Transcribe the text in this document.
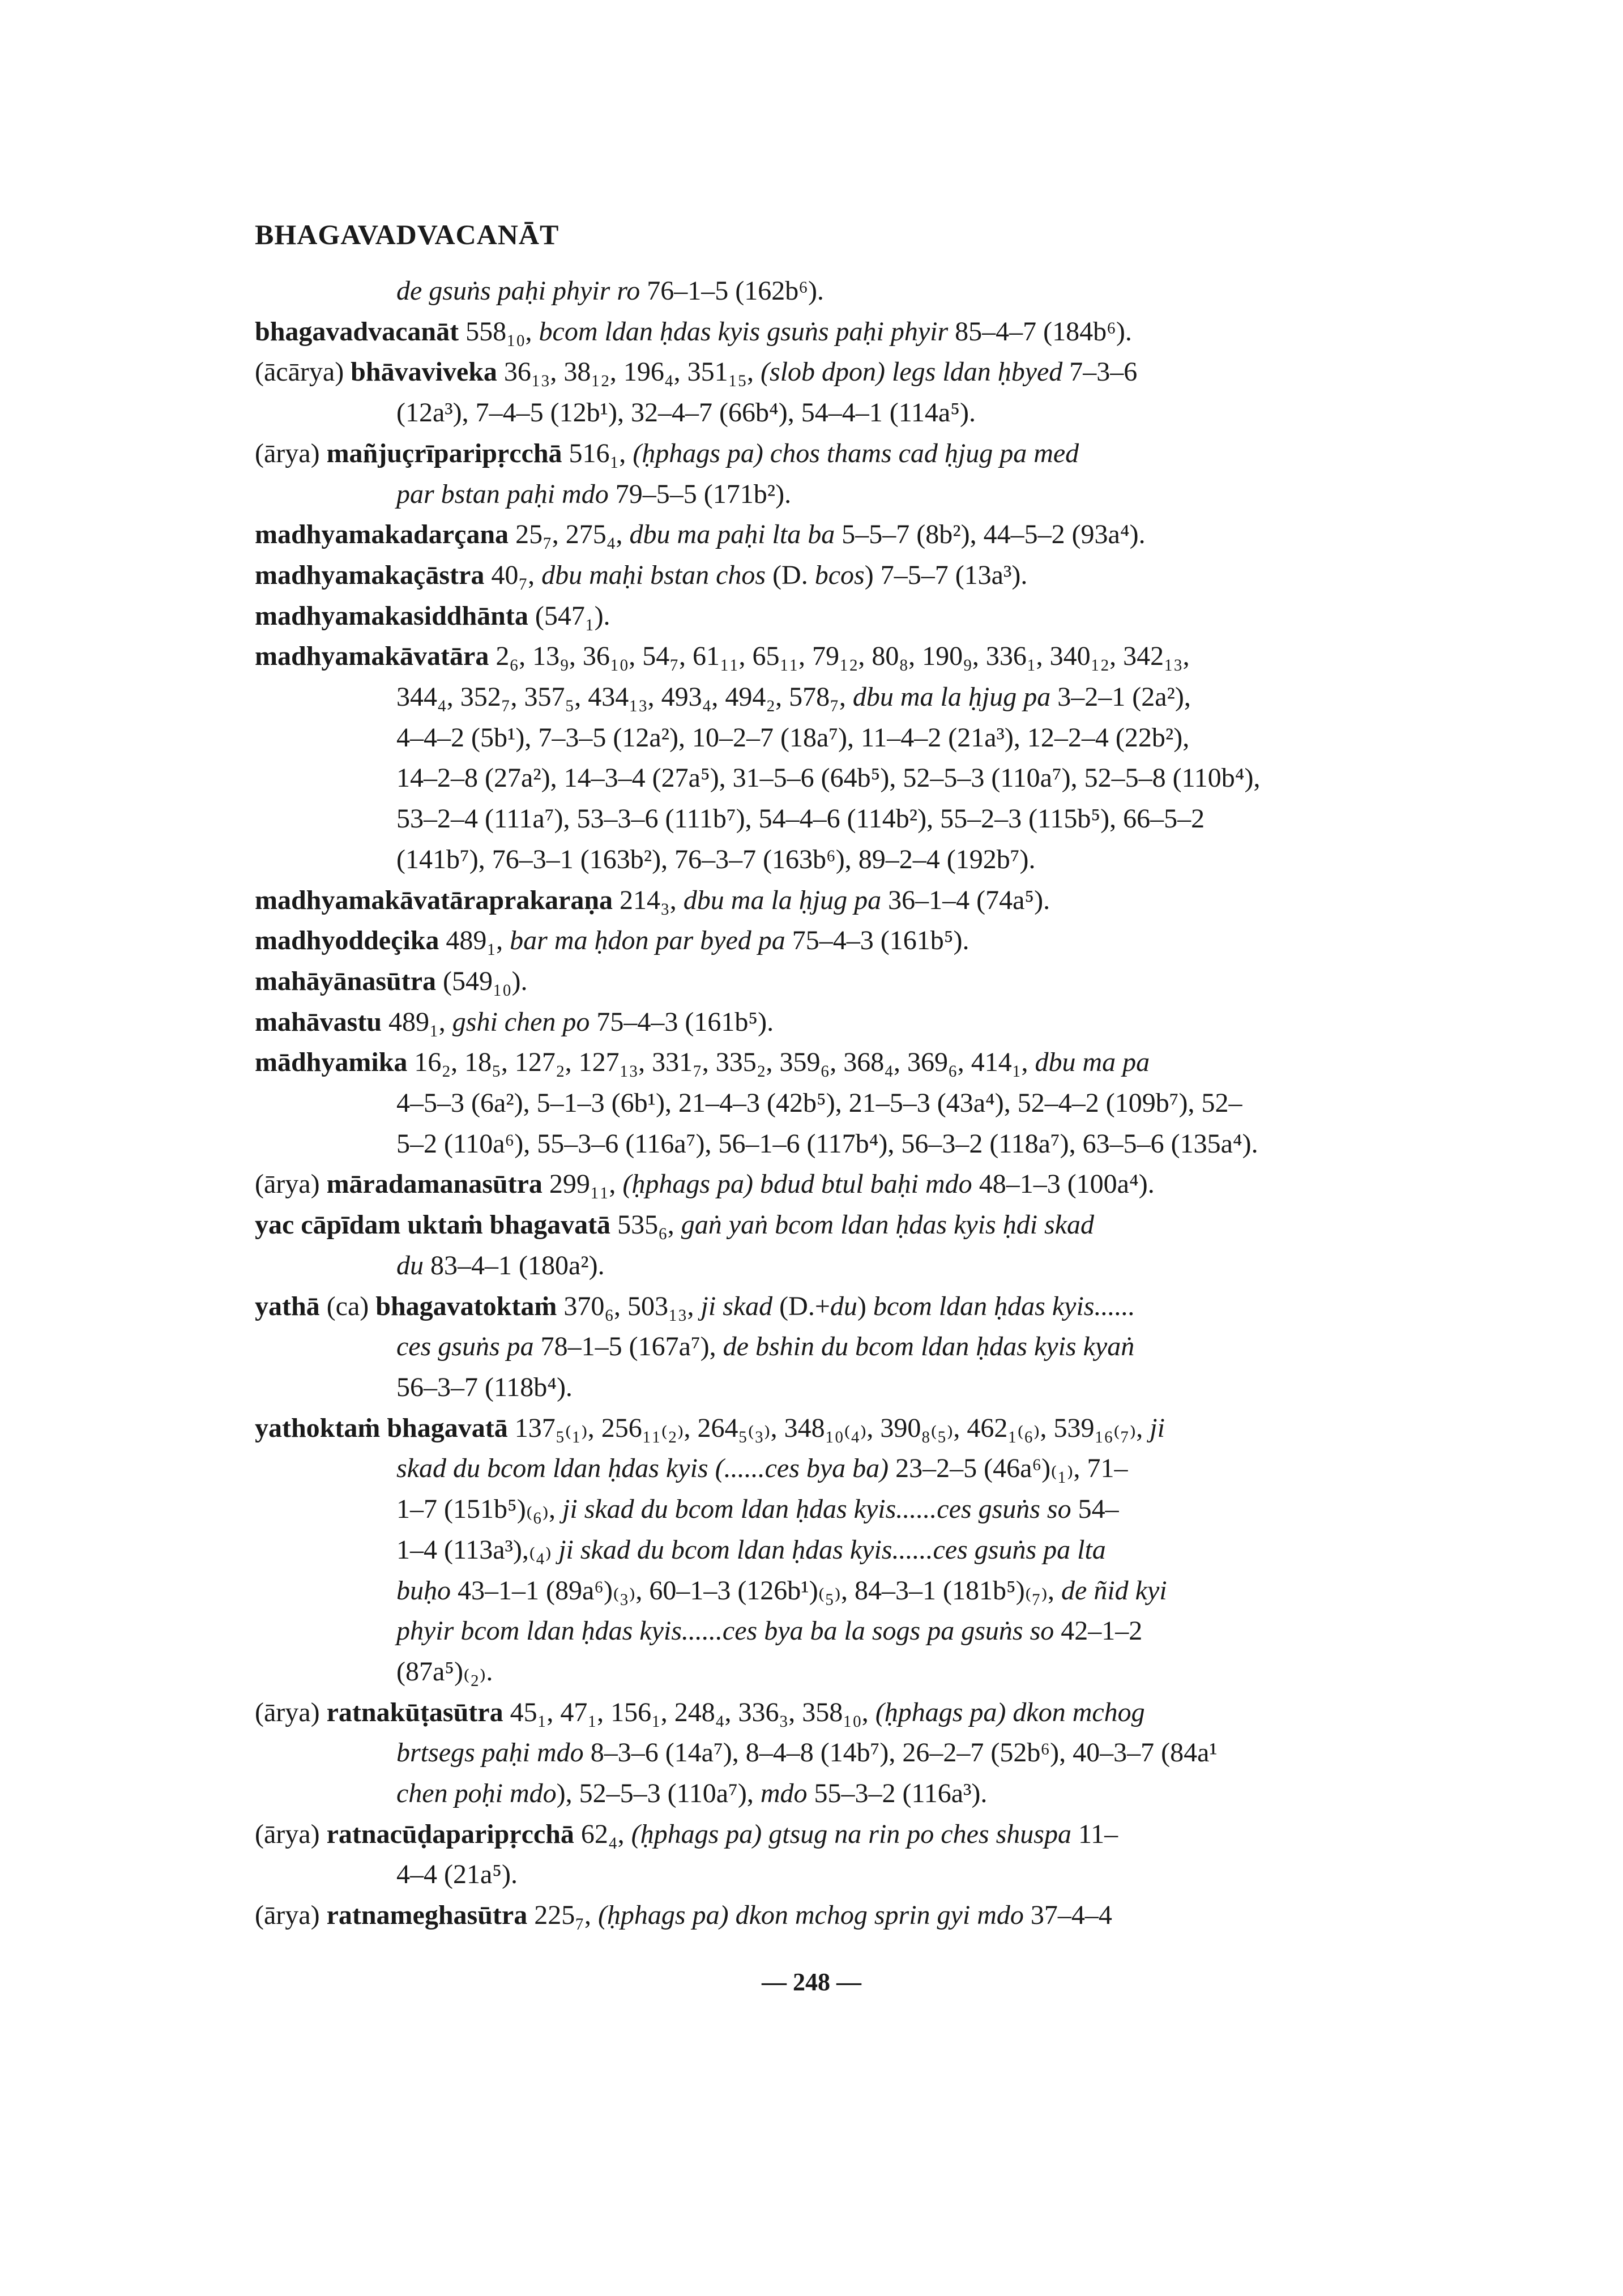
BHAGAVADVACANĀT
de gsuṅs paḥi phyir ro 76–1–5 (162b⁶).
bhagavadvacanāt 558₁₀, bcom ldan ḥdas kyis gsuṅs paḥi phyir 85–4–7 (184b⁶).
(ācārya) bhāvaviveka 36₁₃, 38₁₂, 196₄, 351₁₅, (slob dpon) legs ldan ḥbyed 7–3–6
(12a³), 7–4–5 (12b¹), 32–4–7 (66b⁴), 54–4–1 (114a⁵).
(ārya) mañjuçrīparipṛcchā 516₁, (ḥphags pa) chos thams cad ḥjug pa med
par bstan paḥi mdo 79–5–5 (171b²).
madhyamakadarçana 25₇, 275₄, dbu ma paḥi lta ba 5–5–7 (8b²), 44–5–2 (93a⁴).
madhyamakaçāstra 40₇, dbu maḥi bstan chos (D. bcos) 7–5–7 (13a³).
madhyamakasiddhānta (547₁).
madhyamakāvatāra 2₆, 13₉, 36₁₀, 54₇, 61₁₁, 65₁₁, 79₁₂, 80₈, 190₉, 336₁, 340₁₂, 342₁₃,
344₄, 352₇, 357₅, 434₁₃, 493₄, 494₂, 578₇, dbu ma la ḥjug pa 3–2–1 (2a²),
4–4–2 (5b¹), 7–3–5 (12a²), 10–2–7 (18a⁷), 11–4–2 (21a³), 12–2–4 (22b²),
14–2–8 (27a²), 14–3–4 (27a⁵), 31–5–6 (64b⁵), 52–5–3 (110a⁷), 52–5–8 (110b⁴),
53–2–4 (111a⁷), 53–3–6 (111b⁷), 54–4–6 (114b²), 55–2–3 (115b⁵), 66–5–2
(141b⁷), 76–3–1 (163b²), 76–3–7 (163b⁶), 89–2–4 (192b⁷).
madhyamakāvatāraprakaraṇa 214₃, dbu ma la ḥjug pa 36–1–4 (74a⁵).
madhyoddeçika 489₁, bar ma ḥdon par byed pa 75–4–3 (161b⁵).
mahāyānasūtra (549₁₀).
mahāvastu 489₁, gshi chen po 75–4–3 (161b⁵).
mādhyamika 16₂, 18₅, 127₂, 127₁₃, 331₇, 335₂, 359₆, 368₄, 369₆, 414₁, dbu ma pa
4–5–3 (6a²), 5–1–3 (6b¹), 21–4–3 (42b⁵), 21–5–3 (43a⁴), 52–4–2 (109b⁷), 52–
5–2 (110a⁶), 55–3–6 (116a⁷), 56–1–6 (117b⁴), 56–3–2 (118a⁷), 63–5–6 (135a⁴).
(ārya) māradamanasūtra 299₁₁, (ḥphags pa) bdud btul baḥi mdo 48–1–3 (100a⁴).
yac cāpīdam uktaṁ bhagavatā 535₆, gaṅ yaṅ bcom ldan ḥdas kyis ḥdi skad
du 83–4–1 (180a²).
yathā (ca) bhagavatoktaṁ 370₆, 503₁₃, ji skad (D.+du) bcom ldan ḥdas kyis......
ces gsuṅs pa 78–1–5 (167a⁷), de bshin du bcom ldan ḥdas kyis kyaṅ
56–3–7 (118b⁴).
yathoktaṁ bhagavatā 137₅₍₁₎, 256₁₁₍₂₎, 264₅₍₃₎, 348₁₀₍₄₎, 390₈₍₅₎, 462₁₍₆₎, 539₁₆₍₇₎, ji
skad du bcom ldan ḥdas kyis (......ces bya ba) 23–2–5 (46a⁶)₍₁₎, 71–
1–7 (151b⁵)₍₆₎, ji skad du bcom ldan ḥdas kyis......ces gsuṅs so 54–
1–4 (113a³),₍₄₎ ji skad du bcom ldan ḥdas kyis......ces gsuṅs pa lta
buḥo 43–1–1 (89a⁶)₍₃₎, 60–1–3 (126b¹)₍₅₎, 84–3–1 (181b⁵)₍₇₎, de ñid kyi
phyir bcom ldan ḥdas kyis......ces bya ba la sogs pa gsuṅs so 42–1–2
(87a⁵)₍₂₎.
(ārya) ratnakūṭasūtra 45₁, 47₁, 156₁, 248₄, 336₃, 358₁₀, (ḥphags pa) dkon mchog
brtsegs paḥi mdo 8–3–6 (14a⁷), 8–4–8 (14b⁷), 26–2–7 (52b⁶), 40–3–7 (84a¹
chen poḥi mdo), 52–5–3 (110a⁷), mdo 55–3–2 (116a³).
(ārya) ratnacūḍaparipṛcchā 62₄, (ḥphags pa) gtsug na rin po ches shuspa 11–
4–4 (21a⁵).
(ārya) ratnameghasūtra 225₇, (ḥphags pa) dkon mchog sprin gyi mdo 37–4–4
— 248 —
